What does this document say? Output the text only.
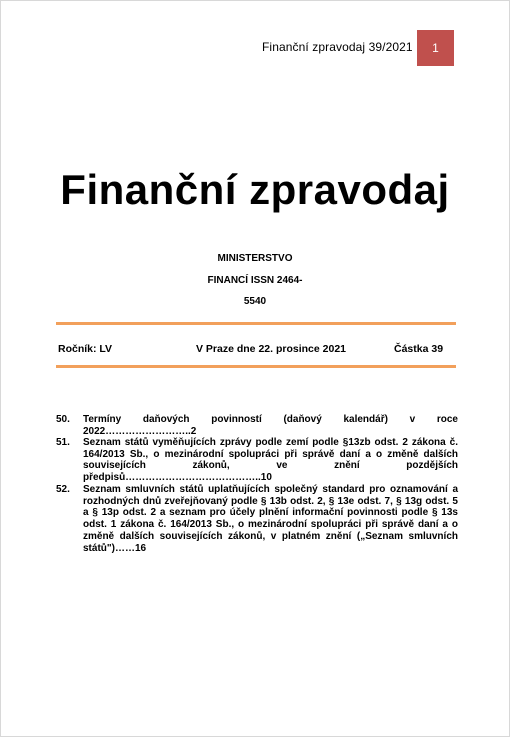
Finanční zpravodaj 39/2021 1
Finanční zpravodaj
MINISTERSTVO
FINANCÍ ISSN 2464-
5540
Ročník: LV	V Praze dne 22. prosince 2021	Částka 39
50. Termíny daňových povinností (daňový kalendář) v roce 2022……………………..2
51. Seznam států vyměňujících zprávy podle zemí podle §13zb odst. 2 zákona č. 164/2013 Sb., o mezinárodní spolupráci při správě daní a o změně dalších souvisejících zákonů, ve znění pozdějších předpisů…………………………………..10
52. Seznam smluvních států uplatňujících společný standard pro oznamování a rozhodných dnů zveřejňovaný podle § 13b odst. 2, § 13e odst. 7, § 13g odst. 5 a § 13p odst. 2 a seznam pro účely plnění informační povinnosti podle § 13s odst. 1 zákona č. 164/2013 Sb., o mezinárodní spolupráci při správě daní a o změně dalších souvisejících zákonů, v platném znění („Seznam smluvních států")……16
